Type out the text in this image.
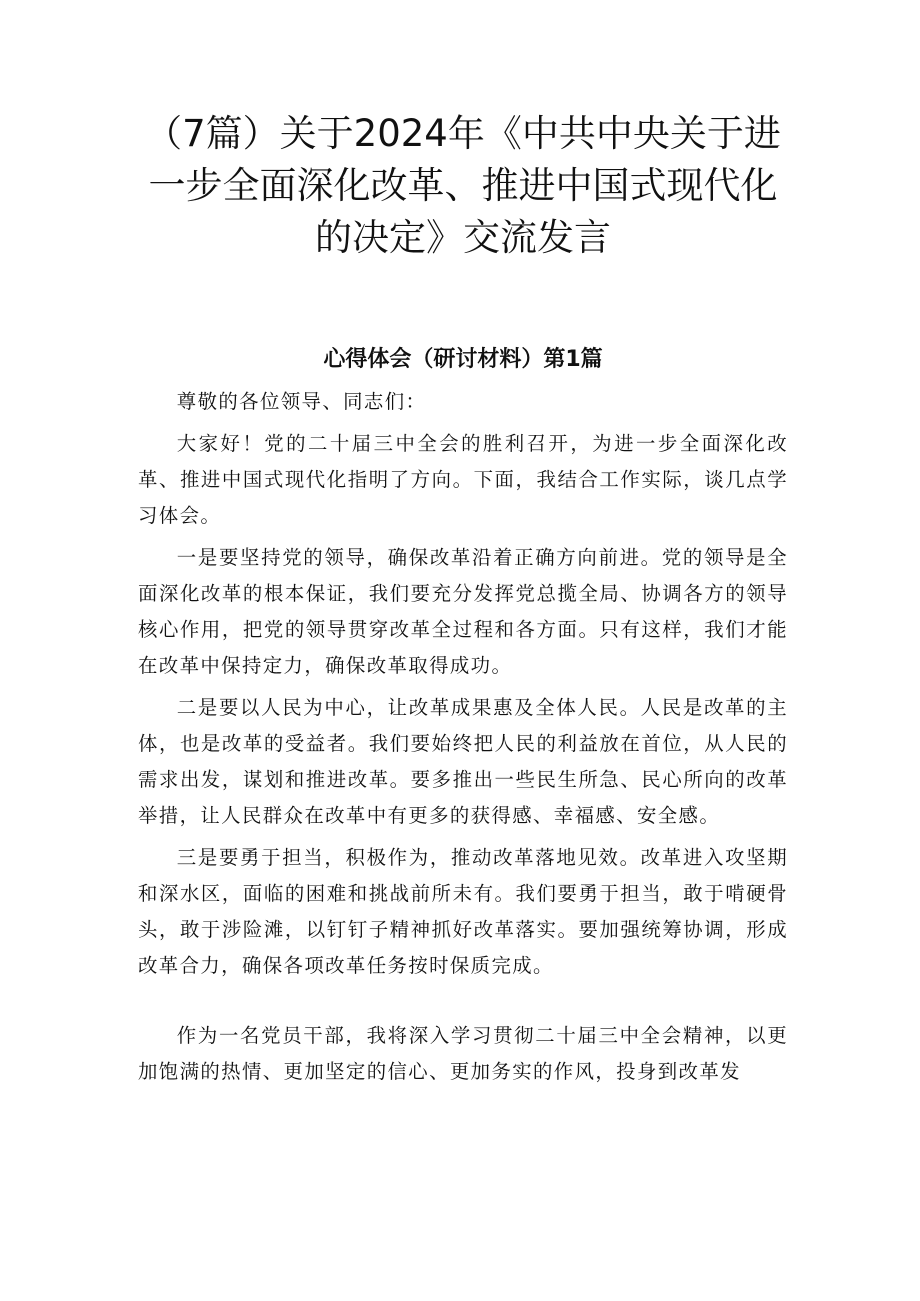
（7篇）关于2024年《中共中央关于进一步全面深化改革、推进中国式现代化的决定》交流发言
心得体会（研讨材料）第1篇

尊敬的各位领导、同志们：

大家好！党的二十届三中全会的胜利召开，为进一步全面深化改革、推进中国式现代化指明了方向。下面，我结合工作实际，谈几点学习体会。

一是要坚持党的领导，确保改革沿着正确方向前进。党的领导是全面深化改革的根本保证，我们要充分发挥党总揽全局、协调各方的领导核心作用，把党的领导贯穿改革全过程和各方面。只有这样，我们才能在改革中保持定力，确保改革取得成功。

二是要以人民为中心，让改革成果惠及全体人民。人民是改革的主体，也是改革的受益者。我们要始终把人民的利益放在首位，从人民的需求出发，谋划和推进改革。要多推出一些民生所急、民心所向的改革举措，让人民群众在改革中有更多的获得感、幸福感、安全感。

三是要勇于担当，积极作为，推动改革落地见效。改革进入攻坚期和深水区，面临的困难和挑战前所未有。我们要勇于担当，敢于啃硬骨头，敢于涉险滩，以钉钉子精神抓好改革落实。要加强统筹协调，形成改革合力，确保各项改革任务按时保质完成。

作为一名党员干部，我将深入学习贯彻二十届三中全会精神，以更加饱满的热情、更加坚定的信心、更加务实的作风，投身到改革发
